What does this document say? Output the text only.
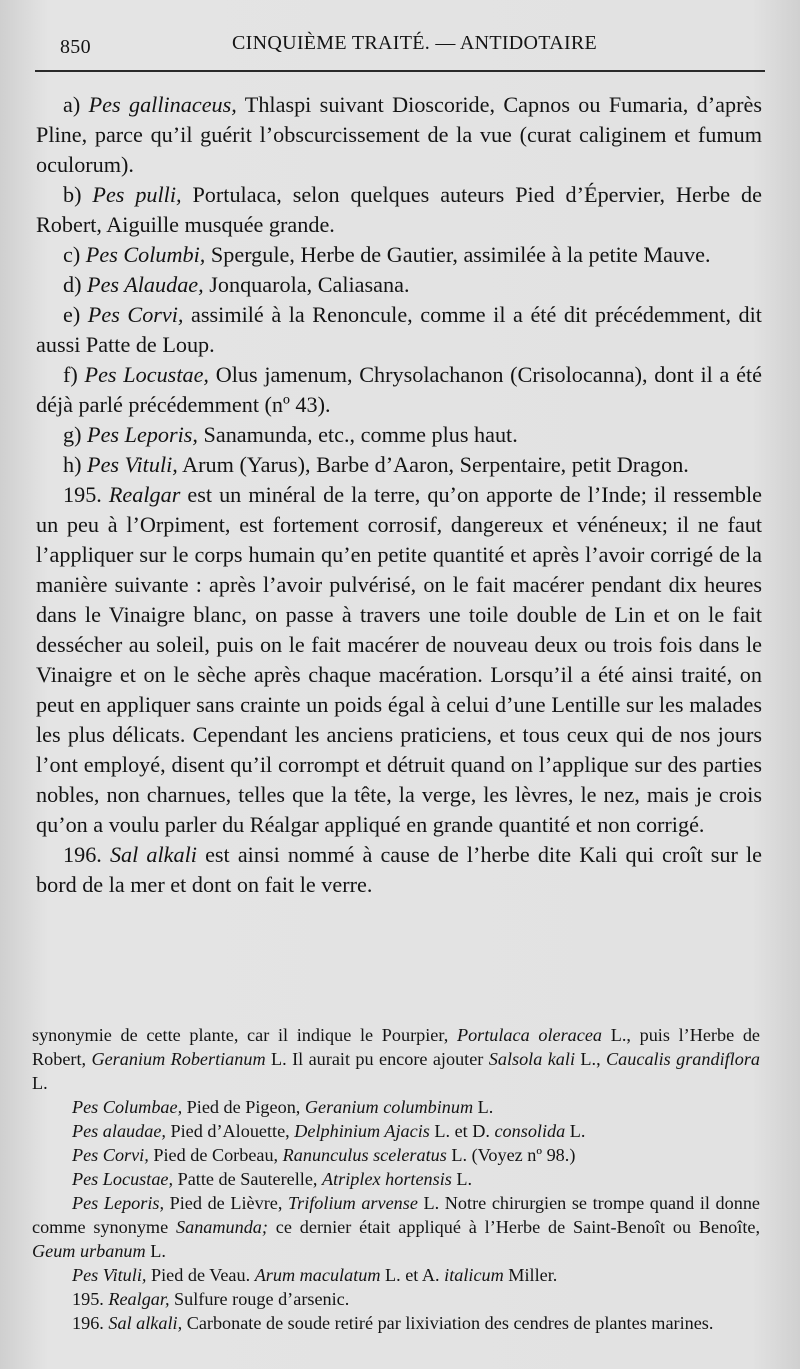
850	CINQUIÈME TRAITÉ. — ANTIDOTAIRE

a) Pes gallinaceus, Thlaspi suivant Dioscoride, Capnos ou Fumaria, d’après Pline, parce qu’il guérit l’obscurcissement de la vue (curat caliginem et fumum oculorum).

b) Pes pulli, Portulaca, selon quelques auteurs Pied d’Épervier, Herbe de Robert, Aiguille musquée grande.

c) Pes Columbi, Spergule, Herbe de Gautier, assimilée à la petite Mauve.

d) Pes Alaudae, Jonquarola, Caliasana.

e) Pes Corvi, assimilé à la Renoncule, comme il a été dit précédemment, dit aussi Patte de Loup.

f) Pes Locustae, Olus jamenum, Chrysolachanon (Crisolocanna), dont il a été déjà parlé précédemment (nº 43).

g) Pes Leporis, Sanamunda, etc., comme plus haut.

h) Pes Vituli, Arum (Yarus), Barbe d’Aaron, Serpentaire, petit Dragon.

195. Realgar est un minéral de la terre, qu’on apporte de l’Inde; il ressemble un peu à l’Orpiment, est fortement corrosif, dangereux et vénéneux; il ne faut l’appliquer sur le corps humain qu’en petite quantité et après l’avoir corrigé de la manière suivante : après l’avoir pulvérisé, on le fait macérer pendant dix heures dans le Vinaigre blanc, on passe à travers une toile double de Lin et on le fait dessécher au soleil, puis on le fait macérer de nouveau deux ou trois fois dans le Vinaigre et on le sèche après chaque macération. Lorsqu’il a été ainsi traité, on peut en appliquer sans crainte un poids égal à celui d’une Lentille sur les malades les plus délicats. Cependant les anciens praticiens, et tous ceux qui de nos jours l’ont employé, disent qu’il corrompt et détruit quand on l’applique sur des parties nobles, non charnues, telles que la tête, la verge, les lèvres, le nez, mais je crois qu’on a voulu parler du Réalgar appliqué en grande quantité et non corrigé.

196. Sal alkali est ainsi nommé à cause de l’herbe dite Kali qui croît sur le bord de la mer et dont on fait le verre.

synonymie de cette plante, car il indique le Pourpier, Portulaca oleracea L., puis l’Herbe de Robert, Geranium Robertianum L. Il aurait pu encore ajouter Salsola kali L., Caucalis grandiflora L.

Pes Columbae, Pied de Pigeon, Geranium columbinum L.

Pes alaudae, Pied d’Alouette, Delphinium Ajacis L. et D. consolida L.

Pes Corvi, Pied de Corbeau, Ranunculus sceleratus L. (Voyez nº 98.)

Pes Locustae, Patte de Sauterelle, Atriplex hortensis L.

Pes Leporis, Pied de Lièvre, Trifolium arvense L. Notre chirurgien se trompe quand il donne comme synonyme Sanamunda; ce dernier était appliqué à l’Herbe de Saint-Benoît ou Benoîte, Geum urbanum L.

Pes Vituli, Pied de Veau. Arum maculatum L. et A. italicum Miller.

195. Realgar, Sulfure rouge d’arsenic.

196. Sal alkali, Carbonate de soude retiré par lixiviation des cendres de plantes marines.
